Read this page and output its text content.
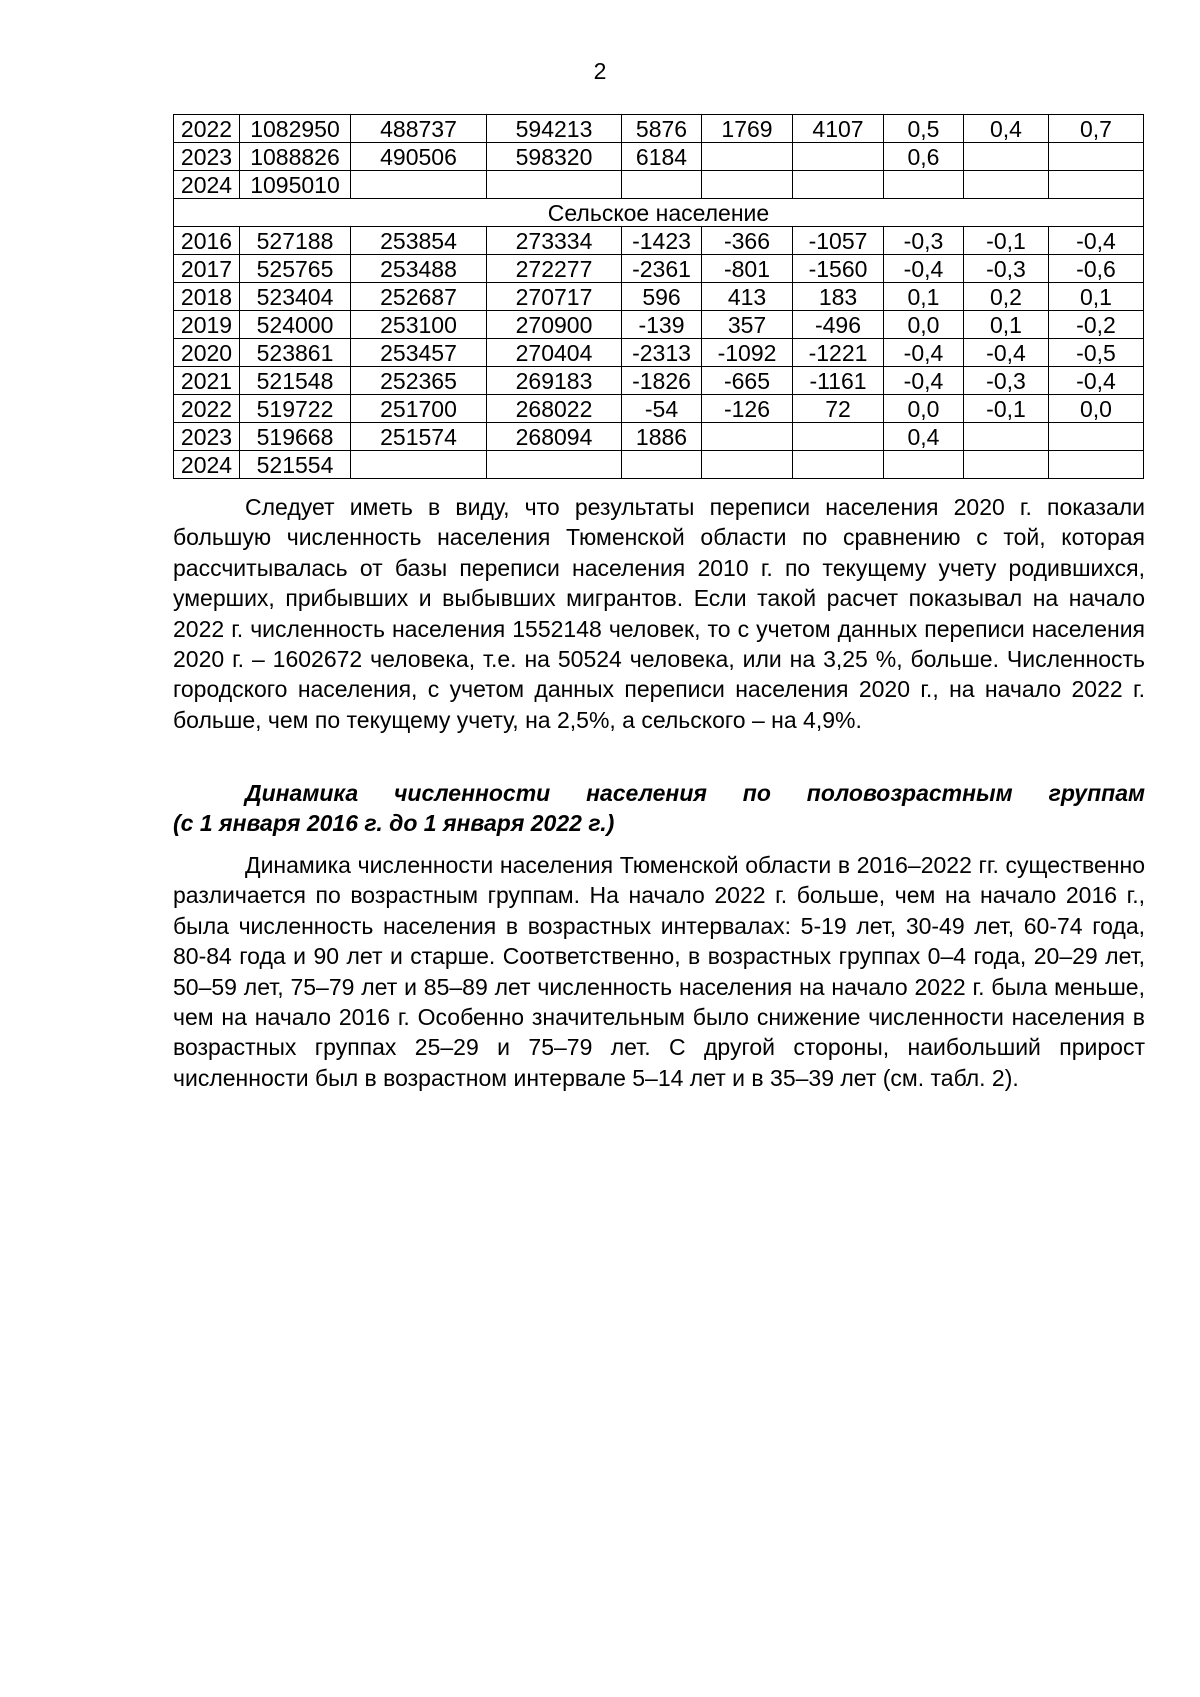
2
2022	1082950	488737	594213	5876	1769	4107	0,5	0,4	0,7
2023	1088826	490506	598320	6184			0,6		
2024	1095010								
Сельское население									
2016	527188	253854	273334	-1423	-366	-1057	-0,3	-0,1	-0,4
2017	525765	253488	272277	-2361	-801	-1560	-0,4	-0,3	-0,6
2018	523404	252687	270717	596	413	183	0,1	0,2	0,1
2019	524000	253100	270900	-139	357	-496	0,0	0,1	-0,2
2020	523861	253457	270404	-2313	-1092	-1221	-0,4	-0,4	-0,5
2021	521548	252365	269183	-1826	-665	-1161	-0,4	-0,3	-0,4
2022	519722	251700	268022	-54	-126	72	0,0	-0,1	0,0
2023	519668	251574	268094	1886			0,4		
2024	521554								

Следует иметь в виду, что результаты переписи населения 2020 г. показали большую численность населения Тюменской области по сравнению с той, которая рассчитывалась от базы переписи населения 2010 г. по текущему учету родившихся, умерших, прибывших и выбывших мигрантов. Если такой расчет показывал на начало 2022 г. численность населения 1552148 человек, то с учетом данных переписи населения 2020 г. – 1602672 человека, т.е. на 50524 человека, или на 3,25 %, больше. Численность городского населения, с учетом данных переписи населения 2020 г., на начало 2022 г. больше, чем по текущему учету, на 2,5%, а сельского – на 4,9%.

Динамика численности населения по половозрастным группам
(с 1 января 2016 г. до 1 января 2022 г.)

Динамика численности населения Тюменской области в 2016–2022 гг. существенно различается по возрастным группам. На начало 2022 г. больше, чем на начало 2016 г., была численность населения в возрастных интервалах: 5-19 лет, 30-49 лет, 60-74 года, 80-84 года и 90 лет и старше. Соответственно, в возрастных группах 0–4 года, 20–29 лет, 50–59 лет, 75–79 лет и 85–89 лет численность населения на начало 2022 г. была меньше, чем на начало 2016 г. Особенно значительным было снижение численности населения в возрастных группах 25–29 и 75–79 лет. С другой стороны, наибольший прирост численности был в возрастном интервале 5–14 лет и в 35–39 лет (см. табл. 2).
